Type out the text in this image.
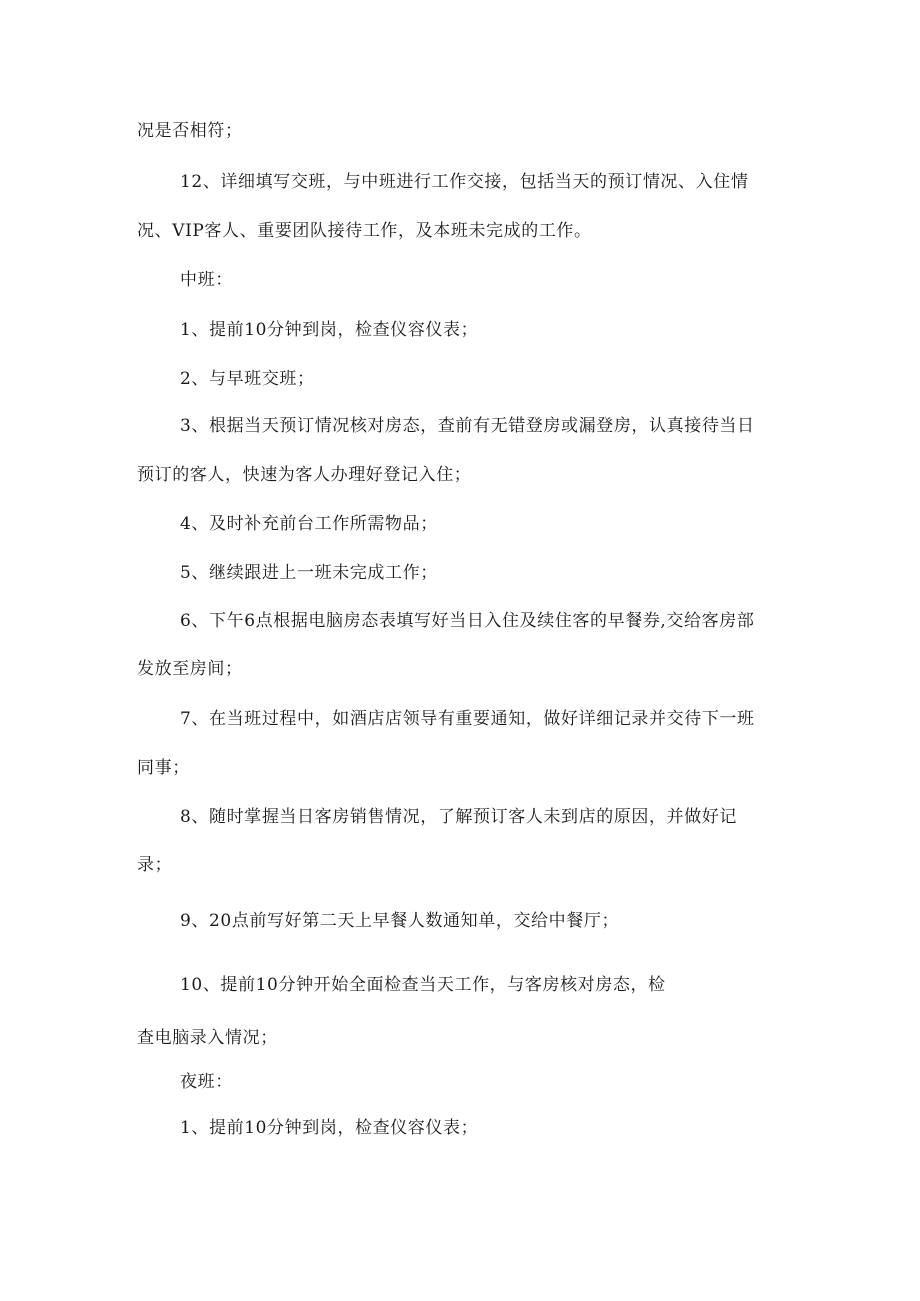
况是否相符；
12、详细填写交班，与中班进行工作交接，包括当天的预订情况、入住情
况、VIP客人、重要团队接待工作，及本班未完成的工作。
中班：
1、提前10分钟到岗，检查仪容仪表；
2、与早班交班；
3、根据当天预订情况核对房态，查前有无错登房或漏登房，认真接待当日
预订的客人，快速为客人办理好登记入住；
4、及时补充前台工作所需物品；
5、继续跟进上一班未完成工作；
6、下午6点根据电脑房态表填写好当日入住及续住客的早餐券,交给客房部
发放至房间；
7、在当班过程中，如酒店店领导有重要通知，做好详细记录并交待下一班
同事；
8、随时掌握当日客房销售情况，了解预订客人未到店的原因，并做好记
录；
9、20点前写好第二天上早餐人数通知单，交给中餐厅；
10、提前10分钟开始全面检查当天工作，与客房核对房态，检
查电脑录入情况；
夜班：
1、提前10分钟到岗，检查仪容仪表；
